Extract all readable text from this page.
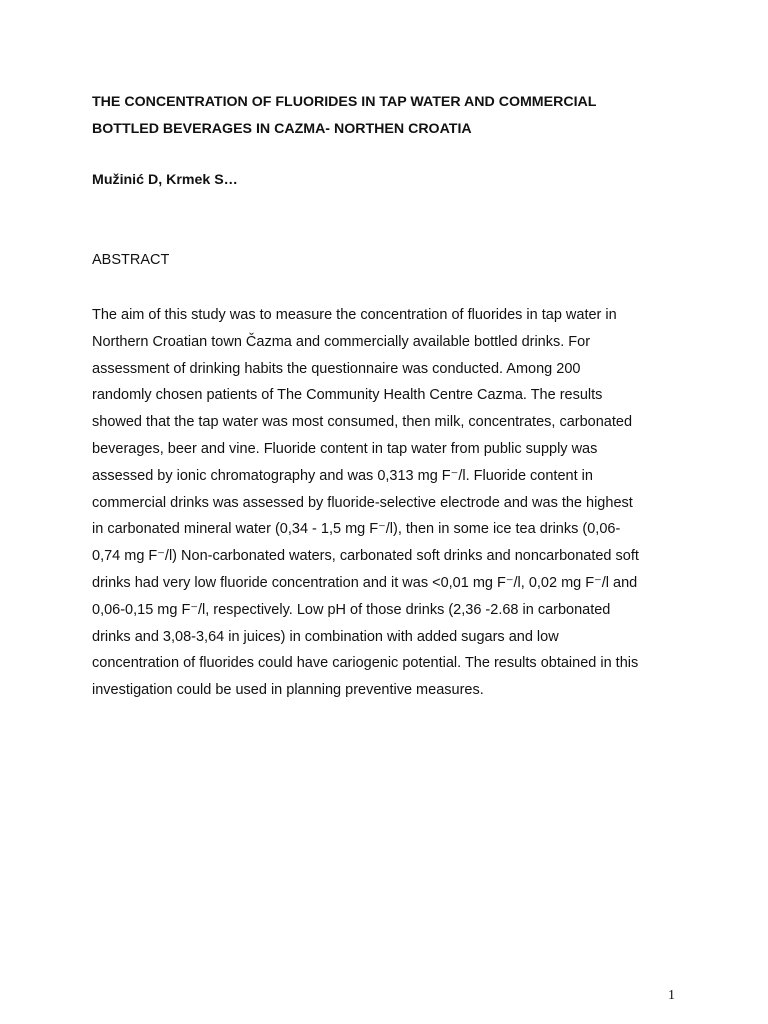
THE CONCENTRATION OF FLUORIDES IN TAP WATER AND COMMERCIAL
BOTTLED BEVERAGES IN CAZMA- NORTHEN CROATIA
Mužinić D, Krmek S…
ABSTRACT
The aim of this study was to measure the concentration of fluorides in tap water in
Northern Croatian town Čazma and commercially available bottled drinks. For
assessment of drinking habits the questionnaire was conducted. Among 200
randomly chosen patients of The Community Health Centre Cazma. The results
showed that the tap water was most consumed, then milk, concentrates, carbonated
beverages, beer and vine. Fluoride content in tap water from public supply was
assessed by ionic chromatography and was 0,313 mg F⁻/l. Fluoride content in
commercial drinks was assessed by fluoride-selective electrode and was the highest
in carbonated mineral water (0,34 - 1,5 mg F⁻/l), then in some ice tea drinks (0,06-
0,74 mg F⁻/l) Non-carbonated waters, carbonated soft drinks and noncarbonated soft
drinks had very low fluoride concentration and it was <0,01 mg F⁻/l, 0,02 mg F⁻/l and
0,06-0,15 mg F⁻/l, respectively. Low pH of those drinks (2,36 -2.68 in carbonated
drinks and 3,08-3,64 in juices) in combination with added sugars and low
concentration of fluorides could have cariogenic potential. The results obtained in this
investigation could be used in planning preventive measures.
1
